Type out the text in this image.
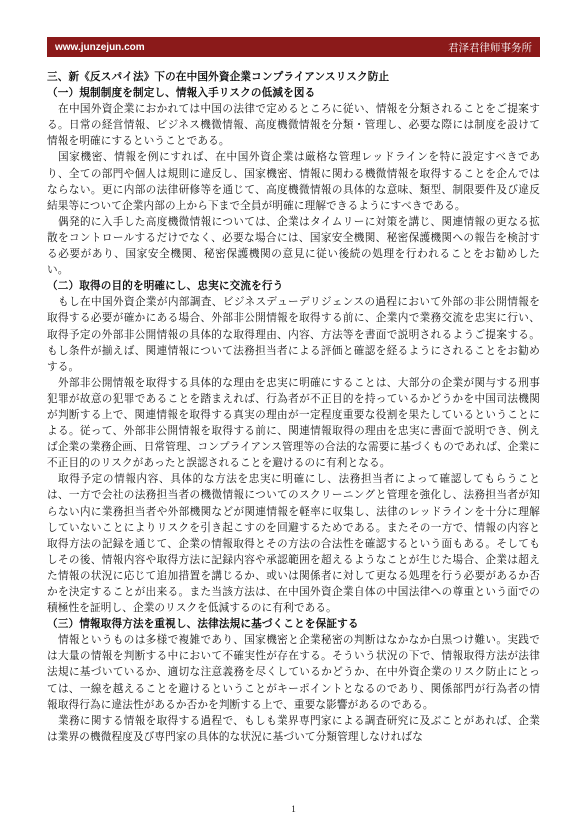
www.junzejun.com	君泽君律师事务所
三、新《反スパイ法》下の在中国外資企業コンプライアンスリスク防止
（一）規制制度を制定し、情報入手リスクの低減を図る

在中国外資企業におかれては中国の法律で定めるところに従い、情報を分類されることをご提案する。日常の経営情報、ビジネス機微情報、高度機微情報を分類・管理し、必要な際には制度を設けて情報を明確にするということである。

国家機密、情報を例にすれば、在中国外資企業は厳格な管理レッドラインを特に設定すべきであり、全ての部門や個人は規則に違反し、国家機密、情報に関わる機微情報を取得することを企んではならない。更に内部の法律研修等を通じて、高度機微情報の具体的な意味、類型、制限要件及び違反結果等について企業内部の上から下まで全員が明確に理解できるようにすべきである。

偶発的に入手した高度機微情報については、企業はタイムリーに対策を講じ、関連情報の更なる拡散をコントロールするだけでなく、必要な場合には、国家安全機関、秘密保護機関への報告を検討する必要があり、国家安全機関、秘密保護機関の意見に従い後続の処理を行われることをお勧めしたい。

（二）取得の目的を明確にし、忠実に交流を行う

もし在中国外資企業が内部調査、ビジネスデューデリジェンスの過程において外部の非公開情報を取得する必要が確かにある場合、外部非公開情報を取得する前に、企業内で業務交流を忠実に行い、取得予定の外部非公開情報の具体的な取得理由、内容、方法等を書面で説明されるようご提案する。もし条件が揃えば、関連情報について法務担当者による評価と確認を経るようにされることをお勧めする。

外部非公開情報を取得する具体的な理由を忠実に明確にすることは、大部分の企業が関与する刑事犯罪が故意の犯罪であることを踏まえれば、行為者が不正目的を持っているかどうかを中国司法機関が判断する上で、関連情報を取得する真実の理由が一定程度重要な役割を果たしているということによる。従って、外部非公開情報を取得する前に、関連情報取得の理由を忠実に書面で説明でき、例えば企業の業務企画、日常管理、コンプライアンス管理等の合法的な需要に基づくものであれば、企業に不正目的のリスクがあったと誤認されることを避けるのに有利となる。

取得予定の情報内容、具体的な方法を忠実に明確にし、法務担当者によって確認してもらうことは、一方で会社の法務担当者の機微情報についてのスクリーニングと管理を強化し、法務担当者が知らない内に業務担当者や外部機関などが関連情報を軽率に収集し、法律のレッドラインを十分に理解していないことによりリスクを引き起こすのを回避するためである。またその一方で、情報の内容と取得方法の記録を通じて、企業の情報取得とその方法の合法性を確認するという面もある。そしてもしその後、情報内容や取得方法に記録内容や承認範囲を超えるようなことが生じた場合、企業は超えた情報の状況に応じて追加措置を講じるか、或いは関係者に対して更なる処理を行う必要があるか否かを決定することが出来る。また当該方法は、在中国外資企業自体の中国法律への尊重という面での積極性を証明し、企業のリスクを低減するのに有利である。

（三）情報取得方法を重視し、法律法規に基づくことを保証する

情報というものは多様で複雑であり、国家機密と企業秘密の判断はなかなか白黒つけ難い。実践では大量の情報を判断する中において不確実性が存在する。そういう状況の下で、情報取得方法が法律法規に基づいているか、適切な注意義務を尽くしているかどうか、在中外資企業のリスク防止にとっては、一線を越えることを避けるということがキーポイントとなるのであり、関係部門が行為者の情報取得行為に違法性があるか否かを判断する上で、重要な影響があるのである。

業務に関する情報を取得する過程で、もしも業界専門家による調査研究に及ぶことがあれば、企業は業界の機微程度及び専門家の具体的な状況に基づいて分類管理しなければな

1
